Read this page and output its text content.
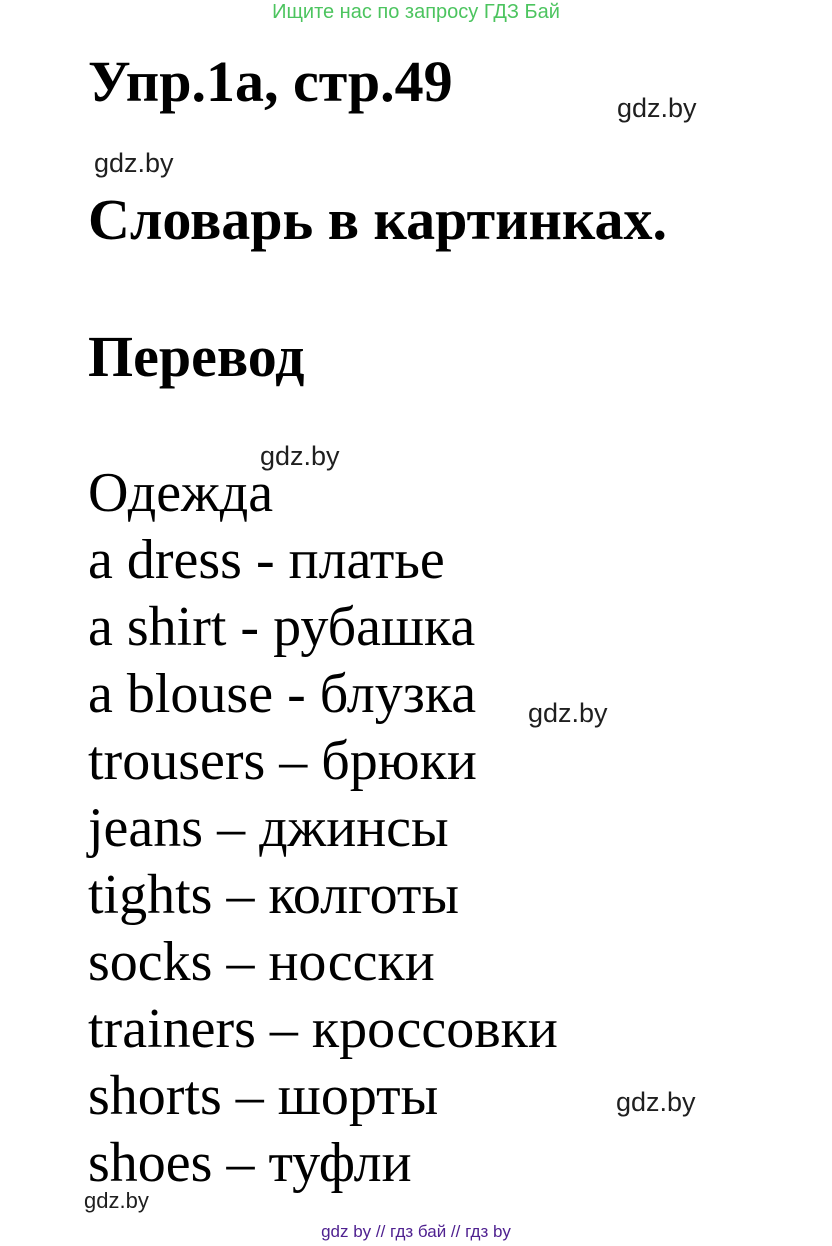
Ищите нас по запросу ГДЗ Бай
Упр.1а, стр.49	gdz.by
gdz.by
Словарь в картинках.
Перевод
gdz.by
Одежда
a dress - платье
a shirt - рубашка
a blouse - блузка
trousers – брюки
jeans – джинсы
tights – колготы
socks – носски
trainers – кроссовки
shorts – шорты
shoes – туфли
gdz.by
gdz.by
gdz.by
gdz by // гдз бай // гдз by
